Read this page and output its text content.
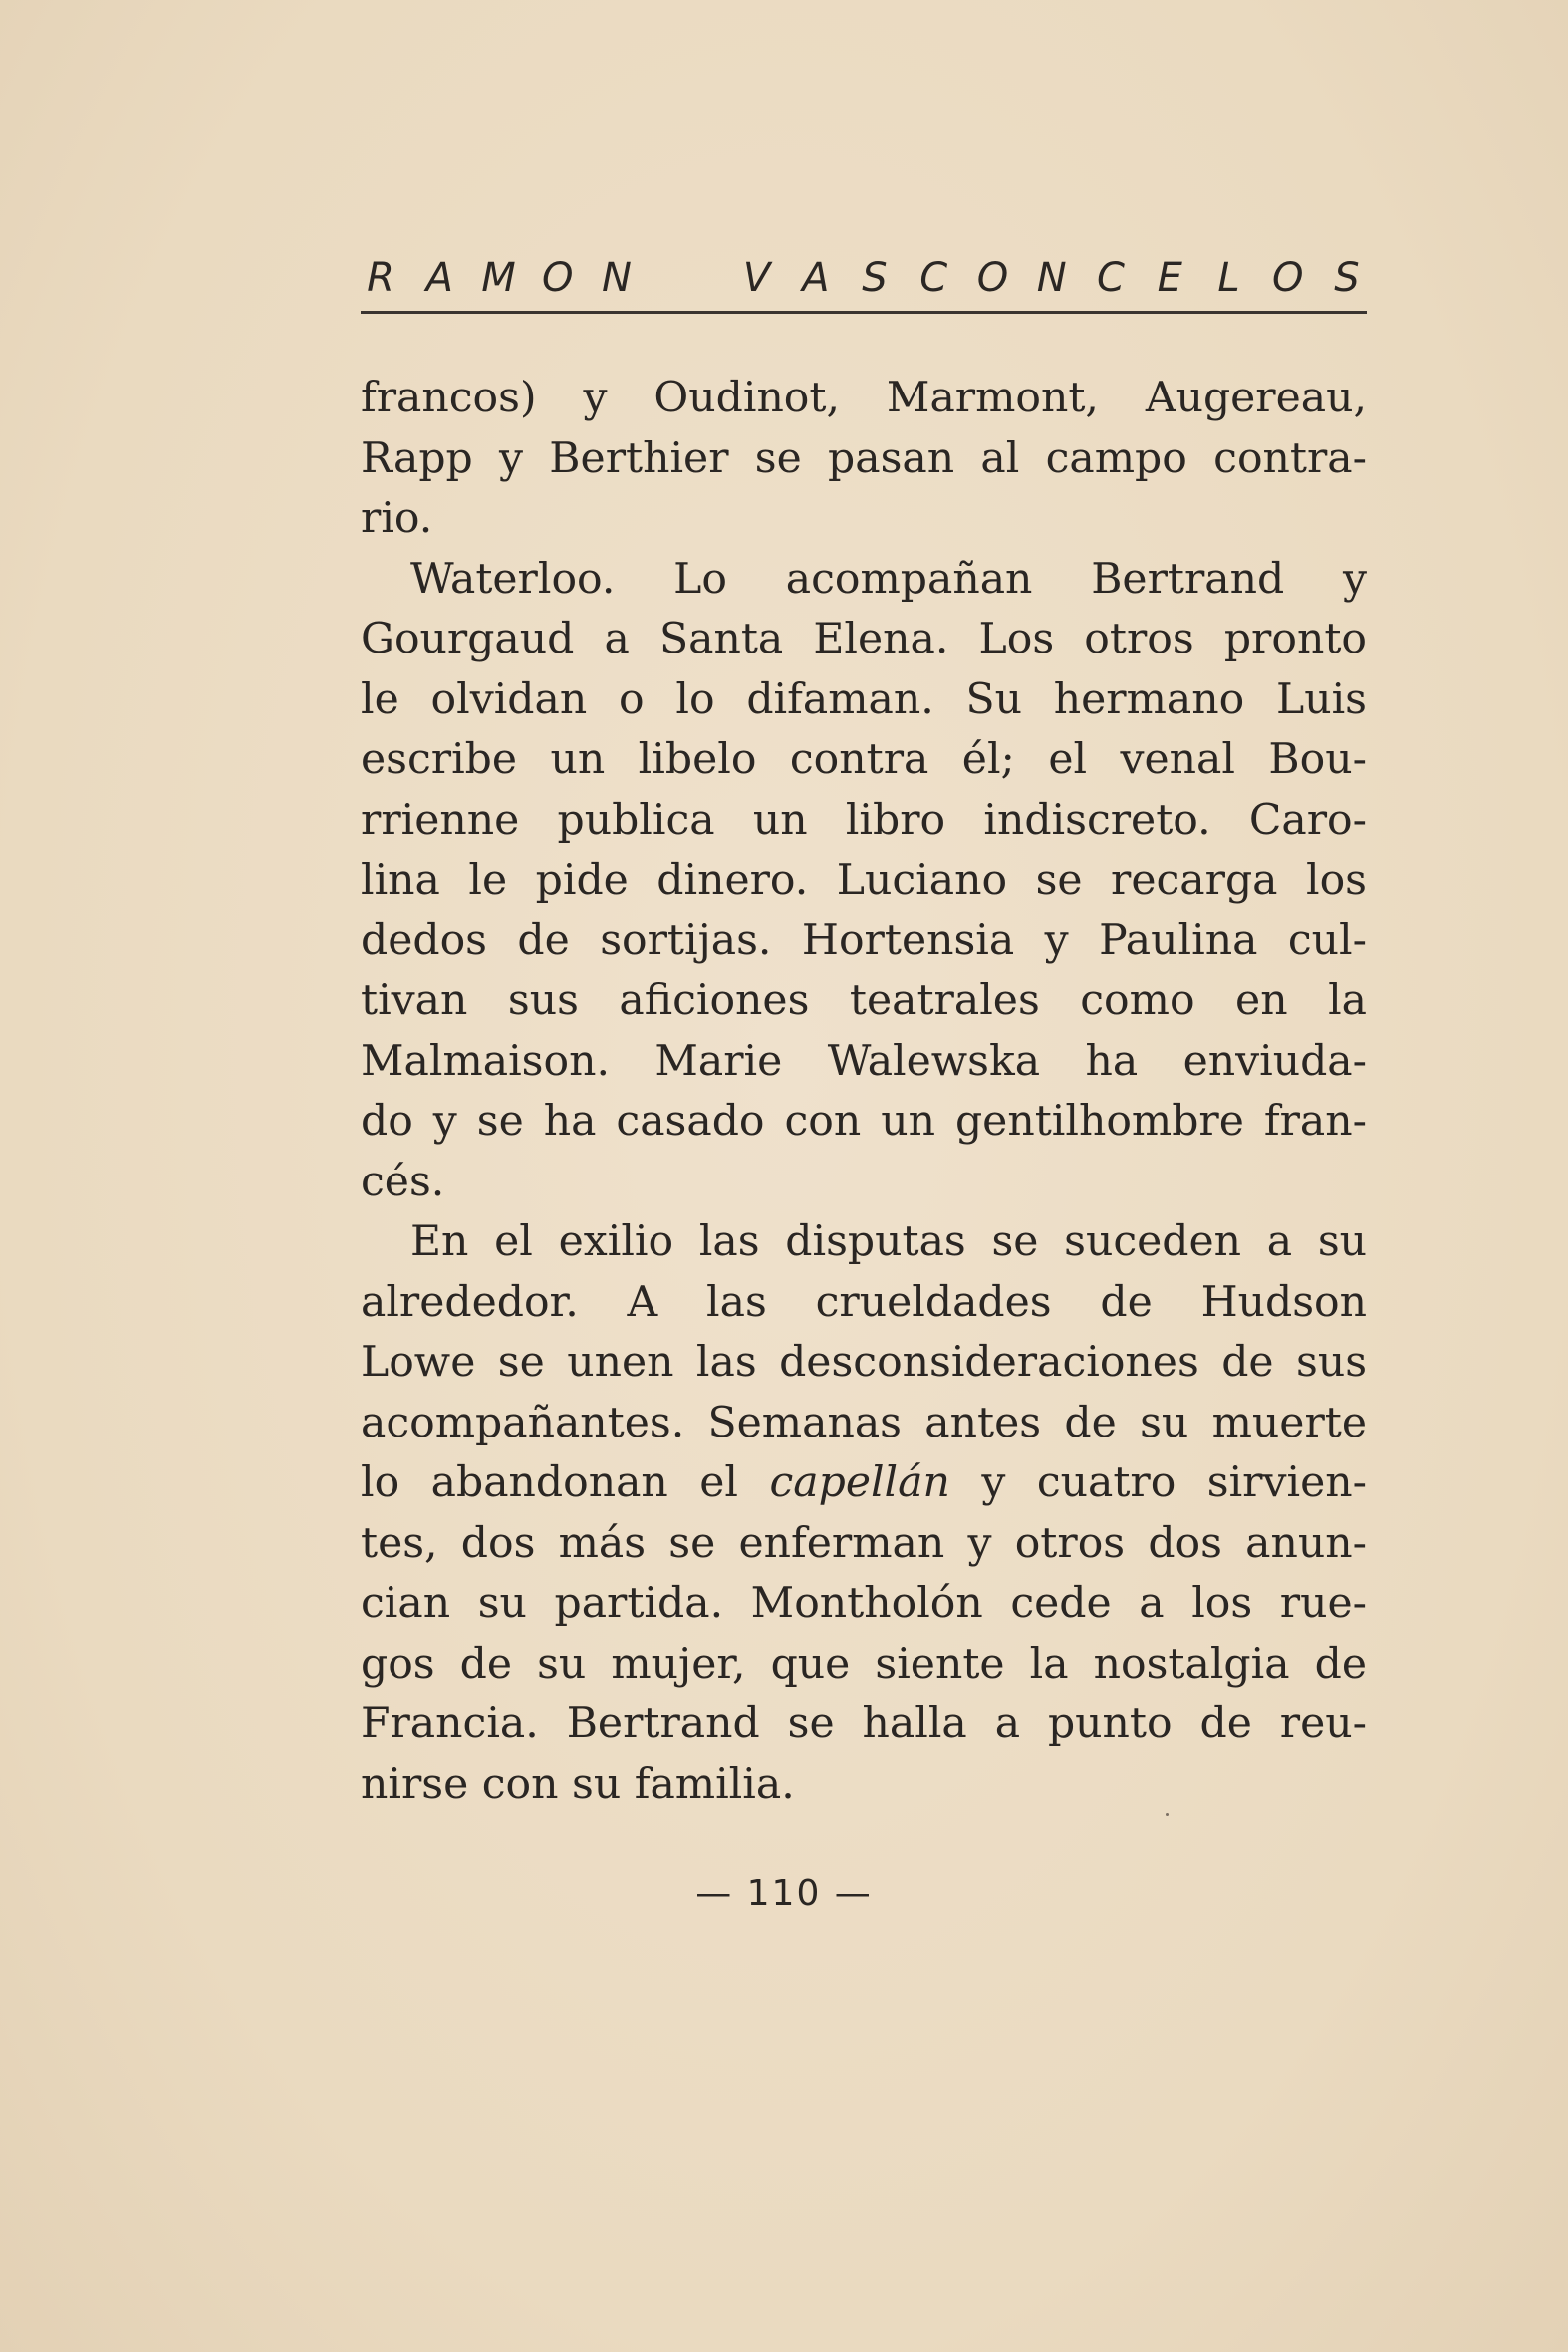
R A M O N	V A S C O N C E L O S
francos) y Oudinot, Marmont, Augereau,
Rapp y Berthier se pasan al campo contra-
rio.
Waterloo. Lo acompañan Bertrand y
Gourgaud a Santa Elena. Los otros pronto
le olvidan o lo difaman. Su hermano Luis
escribe un libelo contra él; el venal Bou-
rrienne publica un libro indiscreto. Caro-
lina le pide dinero. Luciano se recarga los
dedos de sortijas. Hortensia y Paulina cul-
tivan sus aficiones teatrales como en la
Malmaison. Marie Walewska ha enviuda-
do y se ha casado con un gentilhombre fran-
cés.
En el exilio las disputas se suceden a su
alrededor. A las crueldades de Hudson
Lowe se unen las desconsideraciones de sus
acompañantes. Semanas antes de su muerte
lo abandonan el capellán y cuatro sirvien-
tes, dos más se enferman y otros dos anun-
cian su partida. Montholón cede a los rue-
gos de su mujer, que siente la nostalgia de
Francia. Bertrand se halla a punto de reu-
nirse con su familia.
— 110 —
